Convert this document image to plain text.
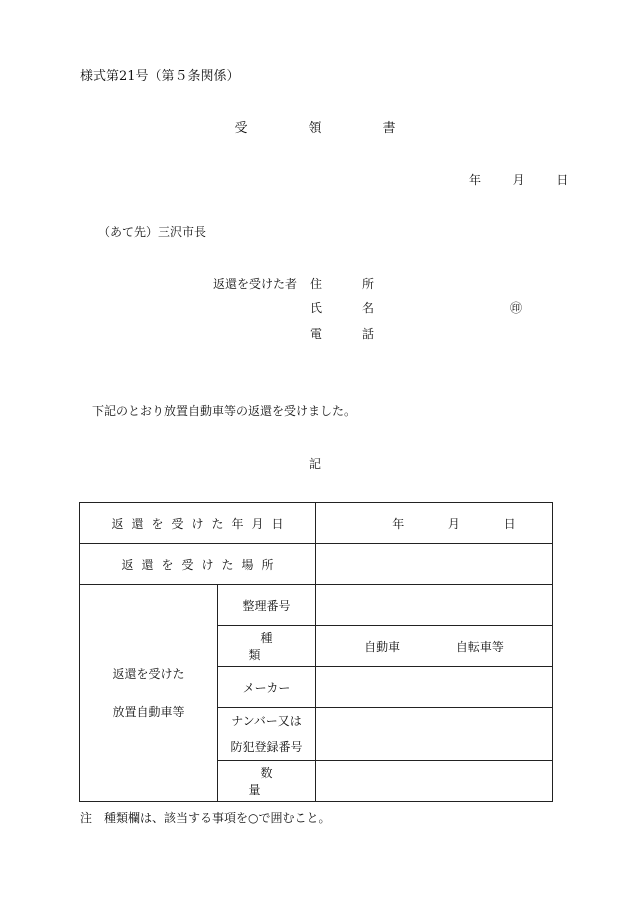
様式第21号（第５条関係）
受　領　書
年	月	日
（あて先）三沢市長
返還を受けた者 住　所
氏　名	㊞
電　話
下記のとおり放置自動車等の返還を受けました。
記
返還を受けた年月日		年 月 日
返還を受けた場所		

返還を受けた
放置自動車等	整理番号	
	種　類	自動車 自転車等
	メーカー	

	ナンバー又は
防犯登録番号	

	数　量	
注　種類欄は、該当する事項を○で囲むこと。
